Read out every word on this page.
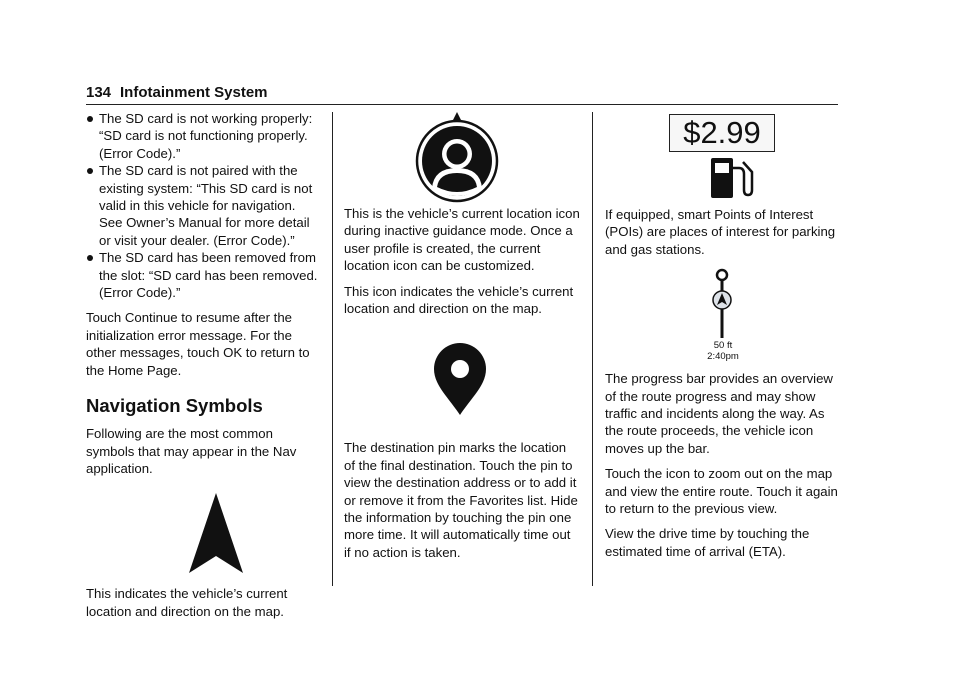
134 Infotainment System
The SD card is not working properly: “SD card is not functioning properly. (Error Code).”
The SD card is not paired with the existing system: “This SD card is not valid in this vehicle for navigation. See Owner’s Manual for more detail or visit your dealer. (Error Code).”
The SD card has been removed from the slot: “SD card has been removed. (Error Code).”

Touch Continue to resume after the initialization error message. For the other messages, touch OK to return to the Home Page.

Navigation Symbols

Following are the most common symbols that may appear in the Nav application.

This indicates the vehicle’s current location and direction on the map.

This is the vehicle’s current location icon during inactive guidance mode. Once a user profile is created, the current location icon can be customized.

This icon indicates the vehicle’s current location and direction on the map.

The destination pin marks the location of the final destination. Touch the pin to view the destination address or to add it or remove it from the Favorites list. Hide the information by touching the pin one more time. It will automatically time out if no action is taken.

$2.99

If equipped, smart Points of Interest (POIs) are places of interest for parking and gas stations.

50 ft
2:40pm

The progress bar provides an overview of the route progress and may show traffic and incidents along the way. As the route proceeds, the vehicle icon moves up the bar.

Touch the icon to zoom out on the map and view the entire route. Touch it again to return to the previous view.

View the drive time by touching the estimated time of arrival (ETA).
